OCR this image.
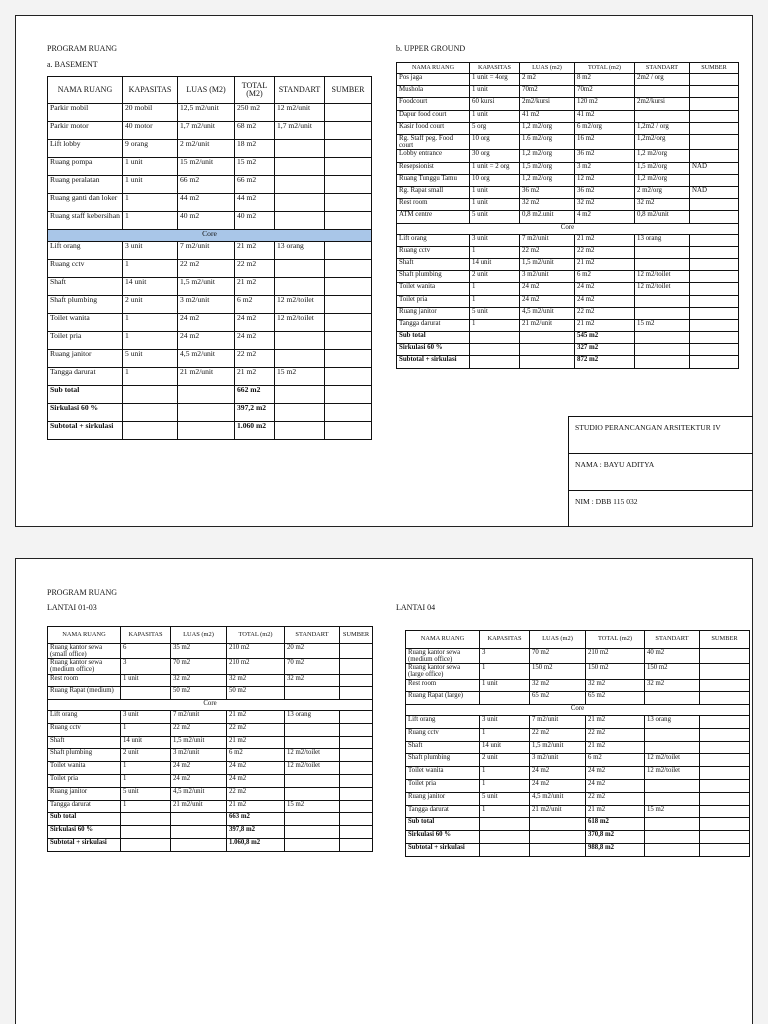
PROGRAM RUANG
a. BASEMENT
b. UPPER GROUND
NAMA RUANG	KAPASITAS	LUAS (M2)	TOTAL (M2)	STANDART	SUMBER
Parkir mobil	20 mobil	12,5 m2/unit	250 m2	12 m2/unit	
Parkir motor	40 motor	1,7 m2/unit	68 m2	1,7 m2/unit	
Lift lobby	9 orang	2 m2/unit	18 m2		
Ruang pompa	1 unit	15 m2/unit	15 m2		
Ruang peralatan	1 unit	66 m2	66 m2		
Ruang ganti dan loker	1	44 m2	44 m2		
Ruang staff kebersihan	1	40 m2	40 m2		
Core					
Lift orang	3 unit	7 m2/unit	21 m2	13 orang	
Ruang cctv	1	22 m2	22 m2		
Shaft	14 unit	1,5 m2/unit	21 m2		
Shaft plumbing	2 unit	3 m2/unit	6 m2	12 m2/toilet	
Toilet wanita	1	24 m2	24 m2	12 m2/toilet	
Toilet pria	1	24 m2	24 m2		
Ruang janitor	5 unit	4,5 m2/unit	22 m2		
Tangga darurat	1	21 m2/unit	21 m2	15 m2	
Sub total			662 m2		
Sirkulasi 60 %			397,2 m2		
Subtotal + sirkulasi			1.060 m2		
NAMA RUANG	KAPASITAS	LUAS (m2)	TOTAL (m2)	STANDART	SUMBER
Pos jaga	1 unit = 4org	2 m2	8 m2	2m2 / org	
Mushola	1 unit	70m2	70m2		
Foodcourt	60 kursi	2m2/kursi	120 m2	2m2/kursi	
Dapur food court	1 unit	41 m2	41 m2		
Kasir food court	5 org	1,2 m2/org	6 m2/org	1,2m2 / org	
Rg. Staff peg. Food court	10 org	1.6 m2/org	16 m2	1,2m2/org	
Lobby entrance	30 org	1,2 m2/org	36 m2	1,2 m2/org	
Resepsionist	1 unit = 2 org	1,5 m2/org	3 m2	1,5 m2/org	NAD
Ruang Tunggu Tamu	10 org	1,2 m2/org	12 m2	1,2 m2/org	
Rg. Rapat small	1 unit	36 m2	36 m2	2 m2/org	NAD
Rest room	1 unit	32 m2	32 m2	32 m2	
ATM centre	5 unit	0,8 m2.unit	4 m2	0,8 m2/unit	
Core					
Lift orang	3 unit	7 m2/unit	21 m2	13 orang	
Ruang cctv	1	22 m2	22 m2		
Shaft	14 unit	1,5 m2/unit	21 m2		
Shaft plumbing	2 unit	3 m2/unit	6 m2	12 m2/toilet	
Toilet wanita	1	24 m2	24 m2	12 m2/toilet	
Toilet pria	1	24 m2	24 m2		
Ruang janitor	5 unit	4,5 m2/unit	22 m2		
Tangga darurat	1	21 m2/unit	21 m2	15 m2	
Sub total			545 m2		
Sirkulasi 60 %			327 m2		
Subtotal + sirkulasi			872 m2		
STUDIO PERANCANGAN ARSITEKTUR IV
NAMA : BAYU ADITYA
NIM : DBB 115 032
PROGRAM RUANG
LANTAI 01-03	LANTAI 04
NAMA RUANG	KAPASITAS	LUAS (m2)	TOTAL (m2)	STANDART	SUMBER
Ruang kantor sewa (small office)	6	35 m2	210 m2	20 m2	
Ruang kantor sewa (medium office)	3	70 m2	210 m2	70 m2	
Rest room	1 unit	32 m2	32 m2	32 m2	
Ruang Rapat (medium)		50 m2	50 m2		
Core					
Lift orang	3 unit	7 m2/unit	21 m2	13 orang	
Ruang cctv	1	22 m2	22 m2		
Shaft	14 unit	1,5 m2/unit	21 m2		
Shaft plumbing	2 unit	3 m2/unit	6 m2	12 m2/toilet	
Toilet wanita	1	24 m2	24 m2	12 m2/toilet	
Toilet pria	1	24 m2	24 m2		
Ruang janitor	5 unit	4,5 m2/unit	22 m2		
Tangga darurat	1	21 m2/unit	21 m2	15 m2	
Sub total			663 m2		
Sirkulasi 60 %			397,8 m2		
Subtotal + sirkulasi			1.060,8 m2		
NAMA RUANG	KAPASITAS	LUAS (m2)	TOTAL (m2)	STANDART	SUMBER
Ruang kantor sewa (medium office)	3	70 m2	210 m2	40 m2	
Ruang kantor sewa (large office)	1	150 m2	150 m2	150 m2	
Rest room	1 unit	32 m2	32 m2	32 m2	
Ruang Rapat (large)		65 m2	65 m2		
Core					
Lift orang	3 unit	7 m2/unit	21 m2	13 orang	
Ruang cctv	1	22 m2	22 m2		
Shaft	14 unit	1,5 m2/unit	21 m2		
Shaft plumbing	2 unit	3 m2/unit	6 m2	12 m2/toilet	
Toilet wanita	1	24 m2	24 m2	12 m2/toilet	
Toilet pria	1	24 m2	24 m2		
Ruang janitor	5 unit	4,5 m2/unit	22 m2		
Tangga darurat	1	21 m2/unit	21 m2	15 m2	
Sub total			618 m2		
Sirkulasi 60 %			370,8 m2		
Subtotal + sirkulasi			988,8 m2		
